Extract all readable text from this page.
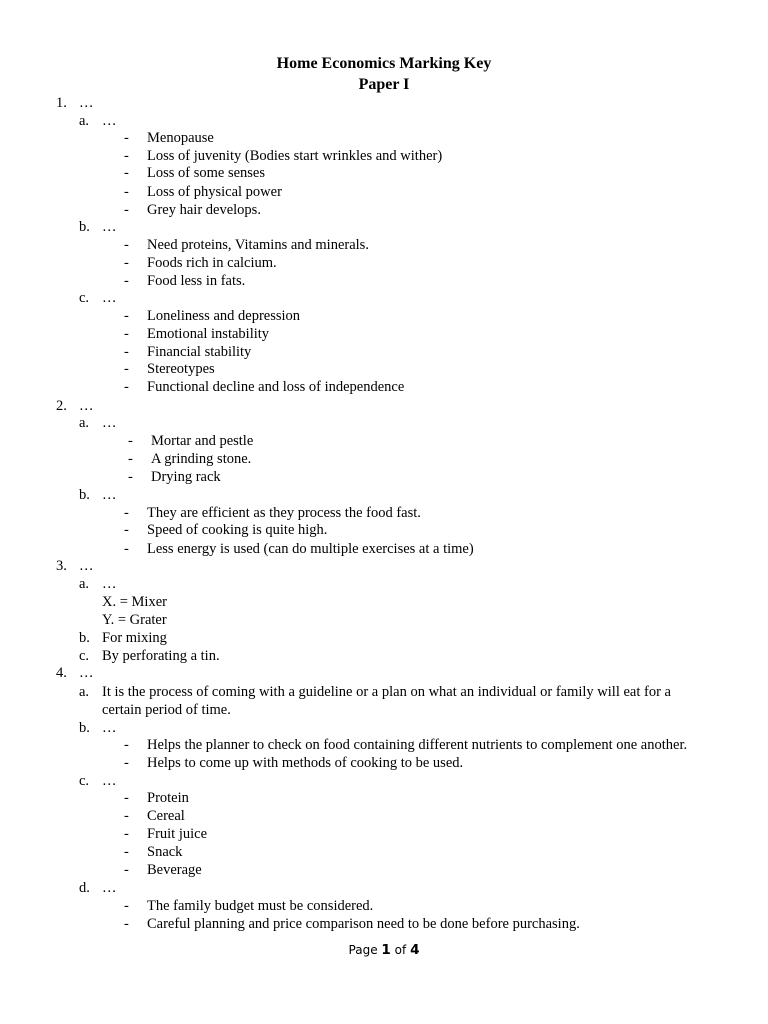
Home Economics Marking Key
Paper I
1. …
a. …
-	Menopause
-	Loss of juvenity (Bodies start wrinkles and wither)
-	Loss of some senses
-	Loss of physical power
-	Grey hair develops.
b. …
-	Need proteins, Vitamins and minerals.
-	Foods rich in calcium.
-	Food less in fats.
c. …
-	Loneliness and depression
-	Emotional instability
-	Financial stability
-	Stereotypes
-	Functional decline and loss of independence
2. …
a. …
-	Mortar and pestle
-	A grinding stone.
-	Drying rack
b. …
-	They are efficient as they process the food fast.
-	Speed of cooking is quite high.
-	Less energy is used (can do multiple exercises at a time)
3. …
a. …
X. = Mixer
Y. = Grater
b. For mixing
c. By perforating a tin.
4. …
a. It is the process of coming with a guideline or a plan on what an individual or family will eat for a
certain period of time.
b. …
-	Helps the planner to check on food containing different nutrients to complement one another.
-	Helps to come up with methods of cooking to be used.
c. …
-	Protein
-	Cereal
-	Fruit juice
-	Snack
-	Beverage
d. …
-	The family budget must be considered.
-	Careful planning and price comparison need to be done before purchasing.
Page 1 of 4
